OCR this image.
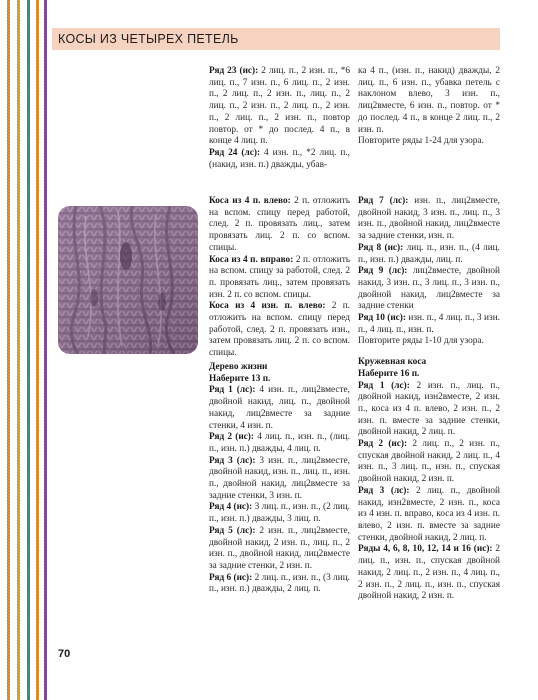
КОСЫ ИЗ ЧЕТЫРЕХ ПЕТЕЛЬ

Ряд 23 (ис): 2 лиц. п., 2 изн. п., *6 лиц. п., 7 изн. п., 6 лиц. п., 2 изн. п., 2 лиц. п., 2 изн. п., лиц. п., 2 лиц. п., 2 изн. п., 2 лиц. п., 2 изн. п., 2 лиц. п., 2 изн. п., повтор повтор. от * до послед. 4 п., в конце 4 лиц. п.

Ряд 24 (лс): 4 изн. п., *2 лиц. п., (накид, изн. п.) дважды, убав-

ка 4 п., (изн. п., накид) дважды, 2 лиц. п., 6 изн. п., убавка петель с наклоном влево, 3 изн. п., лиц2вместе, 6 изн. п., повтор. от * до послед. 4 п., в конце 2 лиц. п., 2 изн. п.

Повторите ряды 1-24 для узора.

Коса из 4 п. влево: 2 п. отложить на вспом. спицу перед работой, след. 2 п. провязать лиц., затем провязать лиц. 2 п. со вспом. спицы.

Коса из 4 п. вправо: 2 п. отложить на вспом. спицу за работой, след. 2 п. провязать лиц., затем провязать изн. 2 п. со вспом. спицы.

Коса из 4 изн. п. влево: 2 п. отложить на вспом. спицу перед работой, след. 2 п. провязать изн., затем провязать лиц. 2 п. со вспом. спицы.

Дерево жизни

Наберите 13 п.

Ряд 1 (лс): 4 изн. п., лиц2вместе, двойной накид, лиц. п., двойной накид, лиц2вместе за задние стенки, 4 изн. п.

Ряд 2 (ис): 4 лиц. п., изн. п., (лиц. п., изн. п.) дважды, 4 лиц. п.

Ряд 3 (лс): 3 изн. п., лиц2вместе, двойной накид, изн. п., лиц. п., изн. п., двойной накид, лиц2вместе за задние стенки, 3 изн. п.

Ряд 4 (ис): 3 лиц. п., изн. п., (2 лиц. п., изн. п.) дважды, 3 лиц. п.

Ряд 5 (лс): 2 изн. п., лиц2вместе, двойной накид, 2 изн. п., лиц. п., 2 изн. п., двойной накид, лиц2вместе за задние стенки, 2 изн. п.

Ряд 6 (ис): 2 лиц. п., изн. п., (3 лиц. п., изн. п.) дважды, 2 лиц. п.

Ряд 7 (лс): изн. п., лиц2вместе, двойной накид, 3 изн. п., лиц. п., 3 изн. п., двойной накид, лиц2вместе за задние стенки, изн. п.

Ряд 8 (ис): лиц. п., изн. п., (4 лиц. п., изн. п.) дважды, лиц. п.

Ряд 9 (лс): лиц2вместе, двойной накид, 3 изн. п., 3 лиц. п., 3 изн. п., двойной накид, лиц2вместе за задние стенки

Ряд 10 (ис): изн. п., 4 лиц. п., 3 изн. п., 4 лиц. п., изн. п.

Повторите ряды 1-10 для узора.

Кружевная коса

Наберите 16 п.

Ряд 1 (лс): 2 изн. п., лиц. п., двойной накид, изн2вместе, 2 изн. п., коса из 4 п. влево, 2 изн. п., 2 изн. п. вместе за задние стенки, двойной накид, 2 лиц. п.

Ряд 2 (ис): 2 лиц. п., 2 изн. п., спуская двойной накид, 2 лиц. п., 4 изн. п., 3 лиц. п., изн. п., спуская двойной накид, 2 изн. п.

Ряд 3 (лс): 2 лиц. п., двойной накид, изн2вместе, 2 изн. п., коса из 4 изн. п. вправо, коса из 4 изн. п. влево, 2 изн. п. вместе за задние стенки, двойной накид, 2 лиц. п.

Ряды 4, 6, 8, 10, 12, 14 и 16 (ис): 2 лиц. п., изн. п., спуская двойной накид, 2 лиц. п., 2 изн. п., 4 лиц. п., 2 изн. п., 2 лиц. п., изн. п., спуская двойной накид, 2 изн. п.

70
